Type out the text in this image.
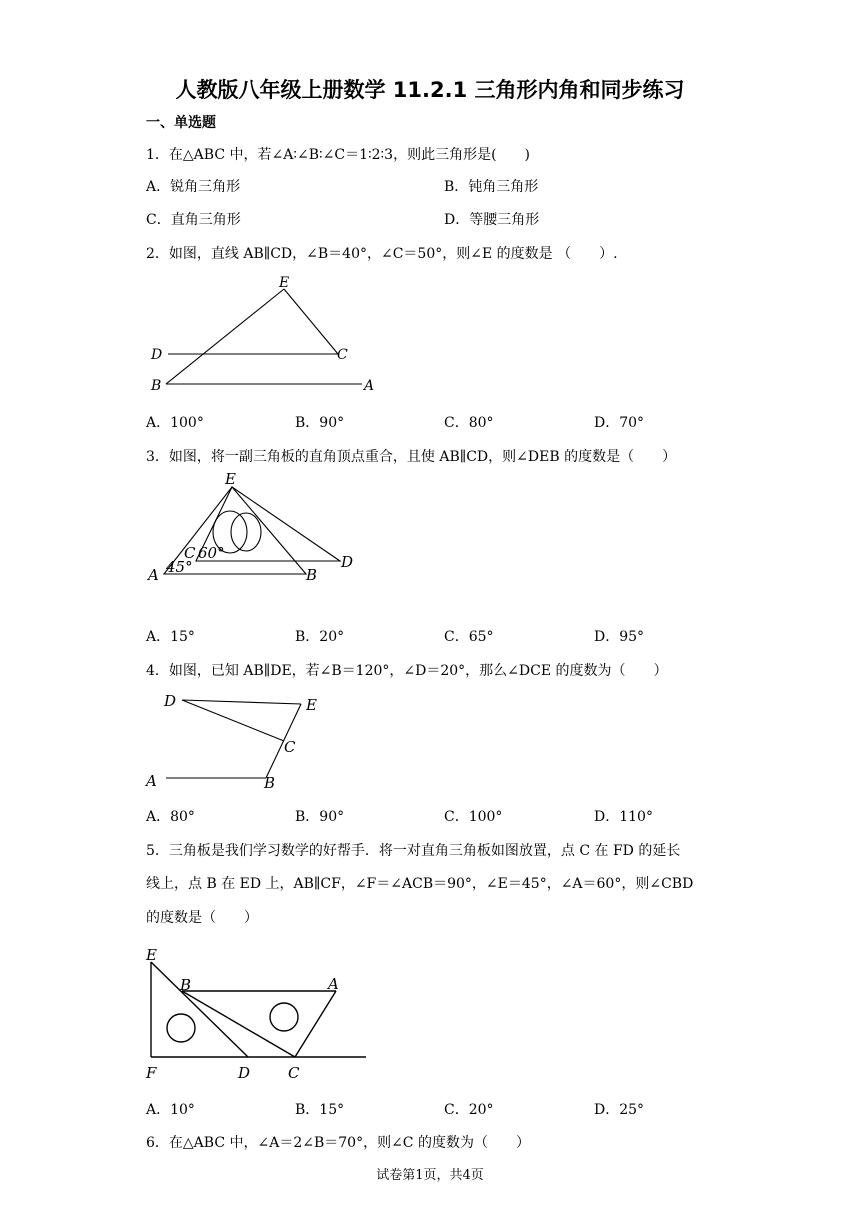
人教版八年级上册数学 11.2.1 三角形内角和同步练习
一、单选题
1．在△ABC 中，若∠A∶∠B∶∠C＝1∶2∶3，则此三角形是(　　)
A．锐角三角形	B．钝角三角形
C．直角三角形	D．等腰三角形
2．如图，直线 AB∥CD，∠B＝40°，∠C＝50°，则∠E 的度数是 （　　）.
E
D	C
B	A
A．100°	B．90°	C．80°	D．70°
3．如图，将一副三角板的直角顶点重合，且使 AB∥CD，则∠DEB 的度数是（　　）
E
C 60°
A 45°	B
D
A．15°	B．20°	C．65°	D．95°
4．如图，已知 AB∥DE，若∠B＝120°，∠D＝20°，那么∠DCE 的度数为（　　）
D	E
C
A	B
A．80°	B．90°	C．100°	D．110°
5．三角板是我们学习数学的好帮手．将一对直角三角板如图放置，点 C 在 FD 的延长
线上，点 B 在 ED 上，AB∥CF，∠F＝∠ACB＝90°，∠E＝45°，∠A＝60°，则∠CBD
的度数是（　　）
E
B	A
F	D	C
A．10°	B．15°	C．20°	D．25°
6．在△ABC 中，∠A＝2∠B＝70°，则∠C 的度数为（　　）
试卷第1页，共4页
